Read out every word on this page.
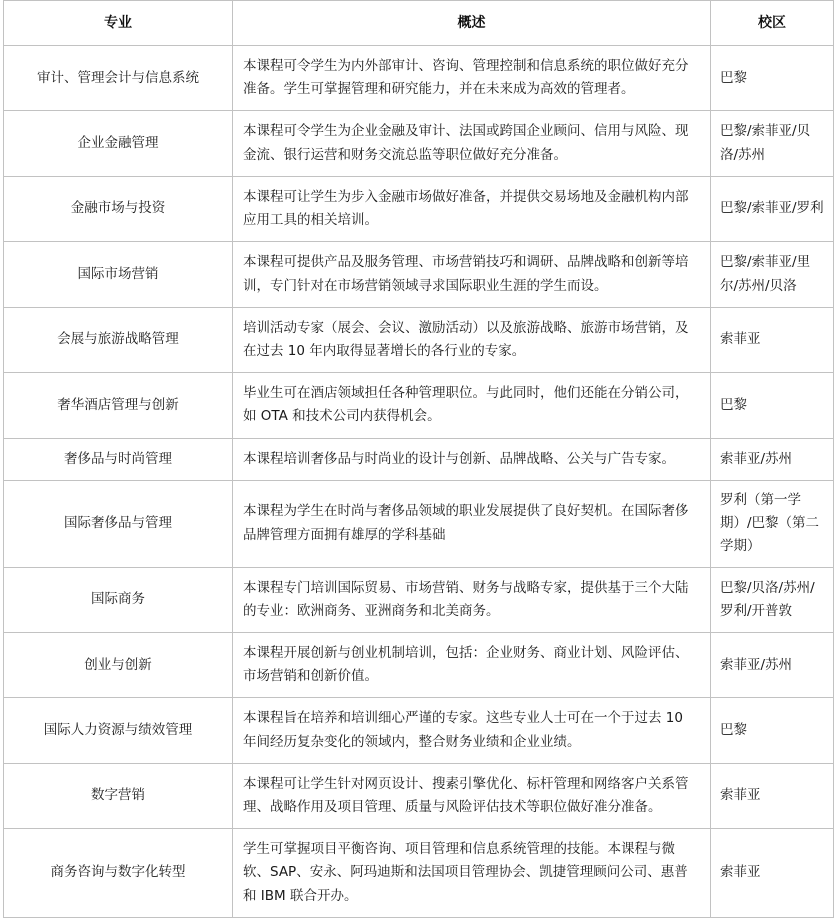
专业	概述	校区
审计、管理会计与信息系统	本课程可令学生为内外部审计、咨询、管理控制和信息系统的职位做好充分准备。学生可掌握管理和研究能力，并在未来成为高效的管理者。	巴黎
企业金融管理	本课程可令学生为企业金融及审计、法国或跨国企业顾问、信用与风险、现金流、银行运营和财务交流总监等职位做好充分准备。	巴黎/索菲亚/贝洛/苏州
金融市场与投资	本课程可让学生为步入金融市场做好准备，并提供交易场地及金融机构内部应用工具的相关培训。	巴黎/索菲亚/罗利
国际市场营销	本课程可提供产品及服务管理、市场营销技巧和调研、品牌战略和创新等培训，专门针对在市场营销领域寻求国际职业生涯的学生而设。	巴黎/索菲亚/里尔/苏州/贝洛
会展与旅游战略管理	培训活动专家（展会、会议、激励活动）以及旅游战略、旅游市场营销，及在过去 10 年内取得显著增长的各行业的专家。	索菲亚
奢华酒店管理与创新	毕业生可在酒店领域担任各种管理职位。与此同时，他们还能在分销公司，如 OTA 和技术公司内获得机会。	巴黎
奢侈品与时尚管理	本课程培训奢侈品与时尚业的设计与创新、品牌战略、公关与广告专家。	索菲亚/苏州
国际奢侈品与管理	本课程为学生在时尚与奢侈品领域的职业发展提供了良好契机。在国际奢侈品牌管理方面拥有雄厚的学科基础	罗利（第一学期）/巴黎（第二学期）
国际商务	本课程专门培训国际贸易、市场营销、财务与战略专家，提供基于三个大陆的专业：欧洲商务、亚洲商务和北美商务。	巴黎/贝洛/苏州/罗利/开普敦
创业与创新	本课程开展创新与创业机制培训，包括：企业财务、商业计划、风险评估、市场营销和创新价值。	索菲亚/苏州
国际人力资源与绩效管理	本课程旨在培养和培训细心严谨的专家。这些专业人士可在一个于过去 10 年间经历复杂变化的领域内，整合财务业绩和企业业绩。	巴黎
数字营销	本课程可让学生针对网页设计、搜素引擎优化、标杆管理和网络客户关系管理、战略作用及项目管理、质量与风险评估技术等职位做好准分准备。	索菲亚
商务咨询与数字化转型	学生可掌握项目平衡咨询、项目管理和信息系统管理的技能。本课程与微软、SAP、安永、阿玛迪斯和法国项目管理协会、凯捷管理顾问公司、惠普和 IBM 联合开办。	索菲亚
